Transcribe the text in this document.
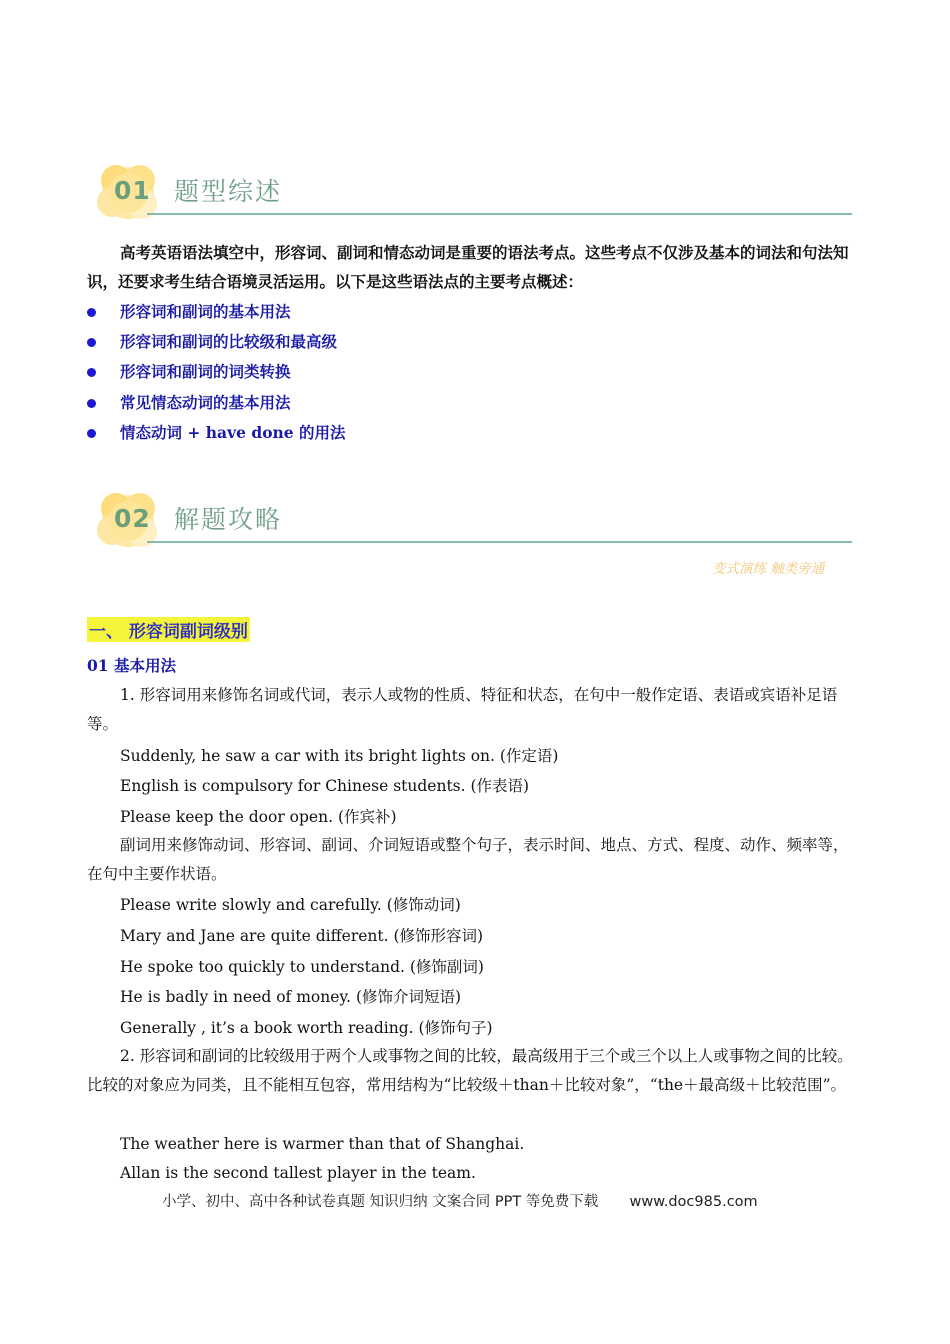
01 题型综述
高考英语语法填空中，形容词、副词和情态动词是重要的语法考点。这些考点不仅涉及基本的词法和句法知识，还要求考生结合语境灵活运用。以下是这些语法点的主要考点概述：
形容词和副词的基本用法
形容词和副词的比较级和最高级
形容词和副词的词类转换
常见情态动词的基本用法
情态动词 + have done 的用法
02 解题攻略
变式演练 触类旁通
一、 形容词副词级别
01 基本用法
1. 形容词用来修饰名词或代词，表示人或物的性质、特征和状态，在句中一般作定语、表语或宾语补足语等。
Suddenly, he saw a car with its bright lights on. (作定语)
English is compulsory for Chinese students. (作表语)
Please keep the door open. (作宾补)
副词用来修饰动词、形容词、副词、介词短语或整个句子，表示时间、地点、方式、程度、动作、频率等，在句中主要作状语。
Please write slowly and carefully. (修饰动词)
Mary and Jane are quite different. (修饰形容词)
He spoke too quickly to understand. (修饰副词)
He is badly in need of money. (修饰介词短语)
Generally , it’s a book worth reading. (修饰句子)
2. 形容词和副词的比较级用于两个人或事物之间的比较，最高级用于三个或三个以上人或事物之间的比较。比较的对象应为同类，且不能相互包容，常用结构为“比较级＋than＋比较对象”，“the＋最高级＋比较范围”。
The weather here is warmer than that of Shanghai.
Allan is the second tallest player in the team.
小学、初中、高中各种试卷真题 知识归纳 文案合同 PPT 等免费下载 www.doc985.com
